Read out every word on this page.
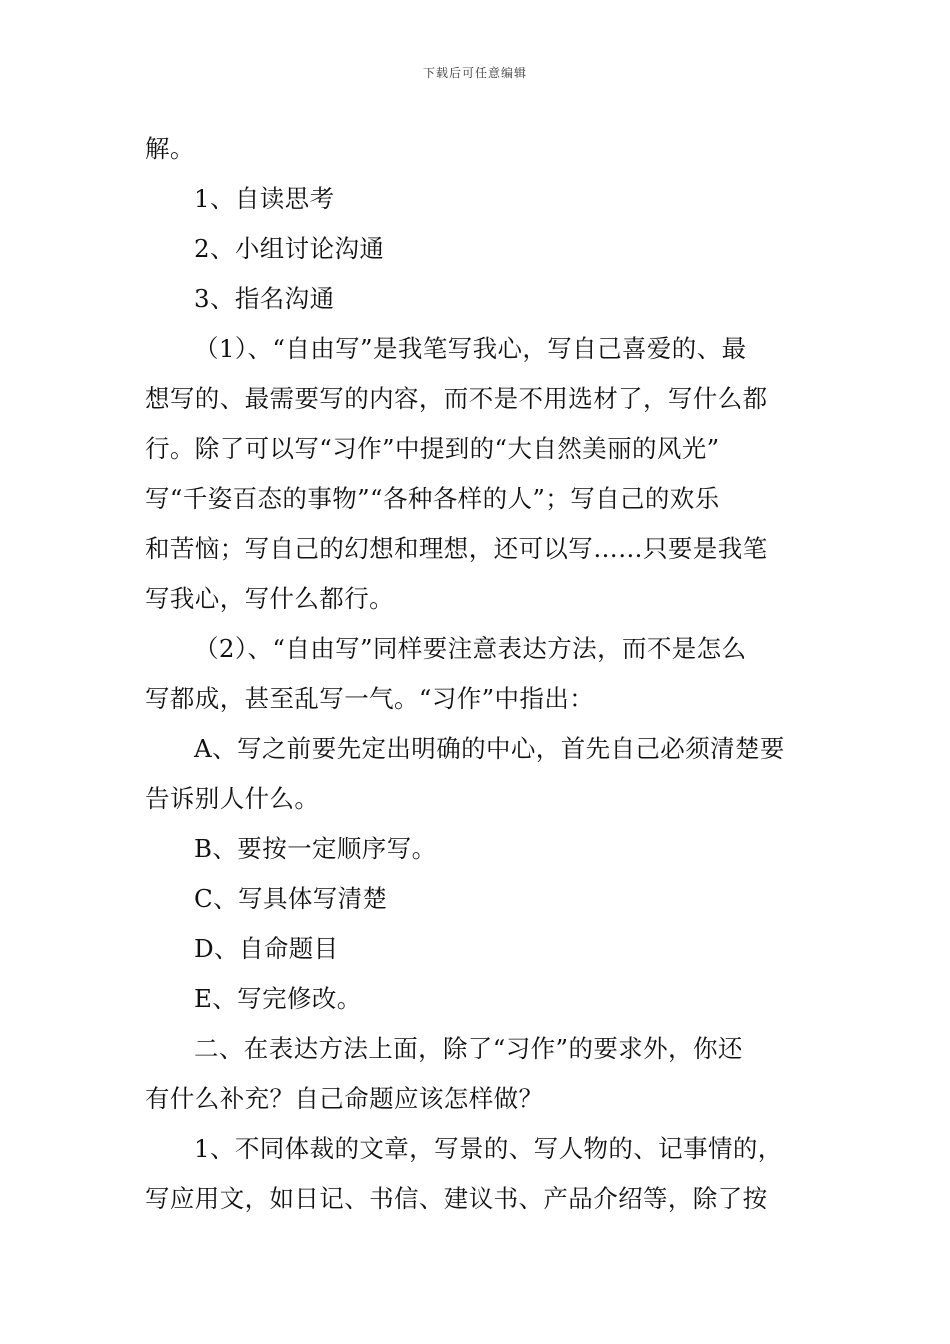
下载后可任意编辑

解。

1、自读思考

2、小组讨论沟通

3、指名沟通

（1）、“自由写”是我笔写我心，写自己喜爱的、最

想写的、最需要写的内容，而不是不用选材了，写什么都

行。除了可以写“习作”中提到的“大自然美丽的风光”

写“千姿百态的事物”“各种各样的人”；写自己的欢乐

和苦恼；写自己的幻想和理想，还可以写……只要是我笔

写我心，写什么都行。

（2）、“自由写”同样要注意表达方法，而不是怎么

写都成，甚至乱写一气。“习作”中指出：

A、写之前要先定出明确的中心，首先自己必须清楚要

告诉别人什么。

B、要按一定顺序写。

C、写具体写清楚

D、自命题目

E、写完修改。

二、在表达方法上面，除了“习作”的要求外，你还

有什么补充？自己命题应该怎样做？

1、不同体裁的文章，写景的、写人物的、记事情的，

写应用文，如日记、书信、建议书、产品介绍等，除了按
